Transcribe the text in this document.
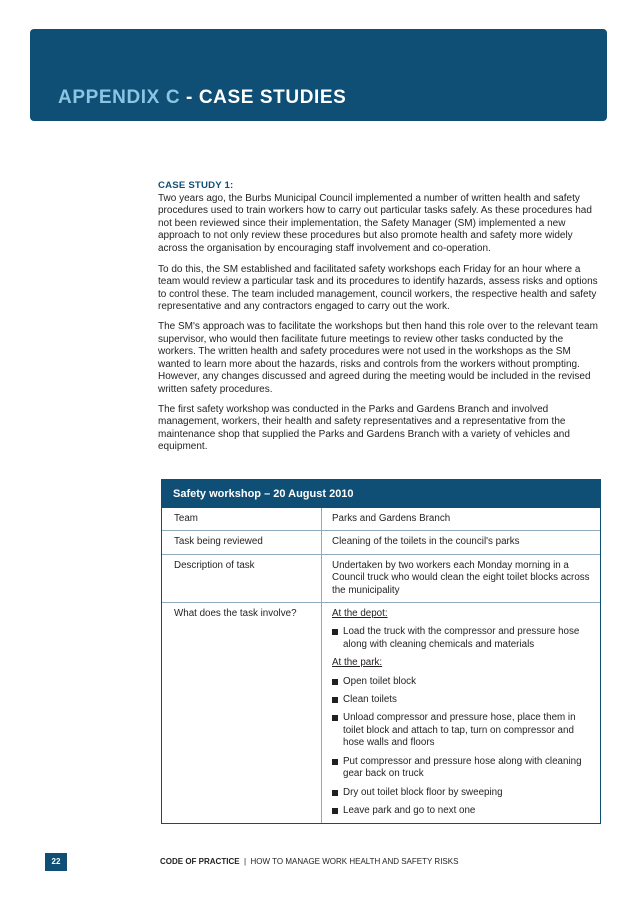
APPENDIX C - CASE STUDIES
CASE STUDY 1:

Two years ago, the Burbs Municipal Council implemented a number of written health and safety procedures used to train workers how to carry out particular tasks safely. As these procedures had not been reviewed since their implementation, the Safety Manager (SM) implemented a new approach to not only review these procedures but also promote health and safety more widely across the organisation by encouraging staff involvement and co-operation.

To do this, the SM established and facilitated safety workshops each Friday for an hour where a team would review a particular task and its procedures to identify hazards, assess risks and options to control these. The team included management, council workers, the respective health and safety representative and any contractors engaged to carry out the work.

The SM's approach was to facilitate the workshops but then hand this role over to the relevant team supervisor, who would then facilitate future meetings to review other tasks conducted by the workers. The written health and safety procedures were not used in the workshops as the SM wanted to learn more about the hazards, risks and controls from the workers without prompting. However, any changes discussed and agreed during the meeting would be included in the revised written safety procedures.

The first safety workshop was conducted in the Parks and Gardens Branch and involved management, workers, their health and safety representatives and a representative from the maintenance shop that supplied the Parks and Gardens Branch with a variety of vehicles and equipment.

Safety workshop – 20 August 2010
Team	Parks and Gardens Branch
Task being reviewed	Cleaning of the toilets in the council's parks
Description of task	Undertaken by two workers each Monday morning in a Council truck who would clean the eight toilet blocks across the municipality
What does the task involve?	At the depot:
Load the truck with the compressor and pressure hose along with cleaning chemicals and materials
At the park:
Open toilet block
Clean toilets
Unload compressor and pressure hose, place them in toilet block and attach to tap, turn on compressor and hose walls and floors
Put compressor and pressure hose along with cleaning gear back on truck
Dry out toilet block floor by sweeping
Leave park and go to next one
22	CODE OF PRACTICE  |  HOW TO MANAGE WORK HEALTH AND SAFETY RISKS
